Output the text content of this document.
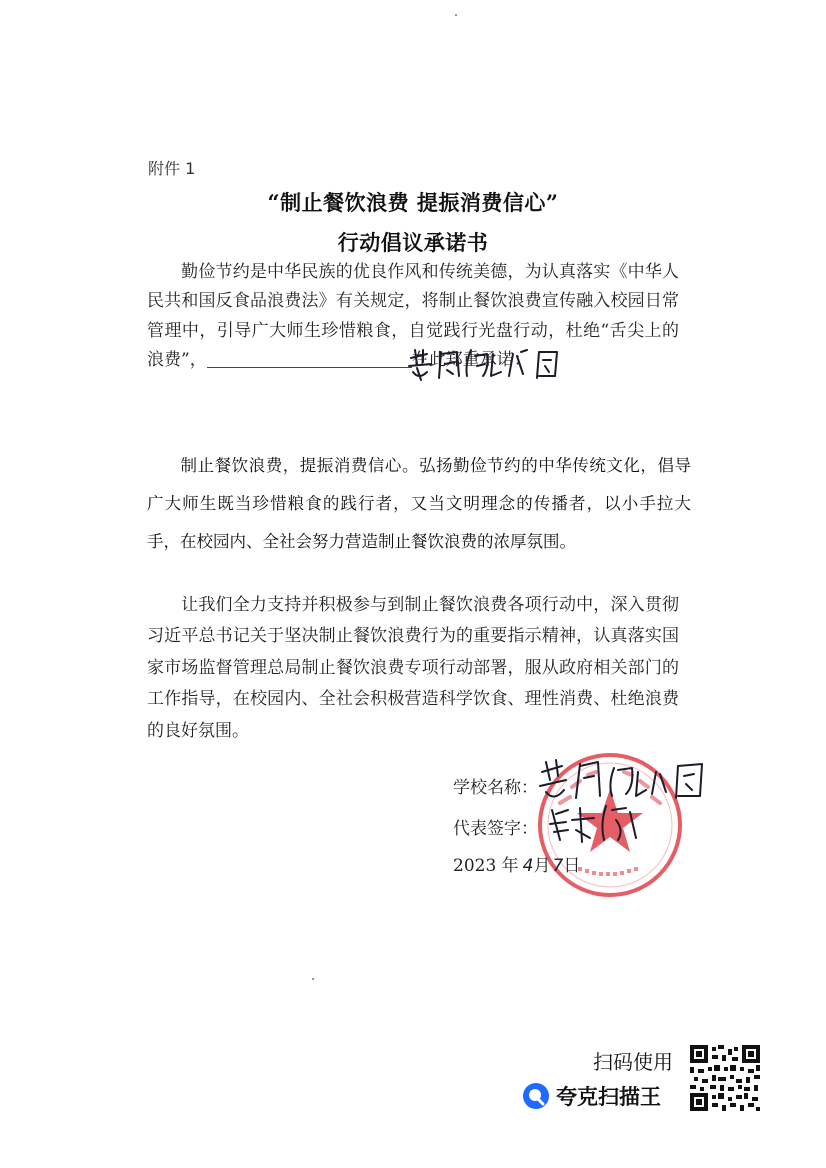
附件 1
“制止餐饮浪费 提振消费信心”
行动倡议承诺书

勤俭节约是中华民族的优良作风和传统美德，为认真落实《中华人民共和国反食品浪费法》有关规定，将制止餐饮浪费宣传融入校园日常管理中，引导广大师生珍惜粮食，自觉践行光盘行动，杜绝“舌尖上的浪费”，	在此郑重承诺：

制止餐饮浪费，提振消费信心。弘扬勤俭节约的中华传统文化，倡导广大师生既当珍惜粮食的践行者，又当文明理念的传播者，以小手拉大手，在校园内、全社会努力营造制止餐饮浪费的浓厚氛围。

让我们全力支持并积极参与到制止餐饮浪费各项行动中，深入贯彻习近平总书记关于坚决制止餐饮浪费行为的重要指示精神，认真落实国家市场监督管理总局制止餐饮浪费专项行动部署，服从政府相关部门的工作指导，在校园内、全社会积极营造科学饮食、理性消费、杜绝浪费的良好氛围。

学校名称：
代表签字：
2023 年 4月 7日
扫码使用
夸克扫描王
